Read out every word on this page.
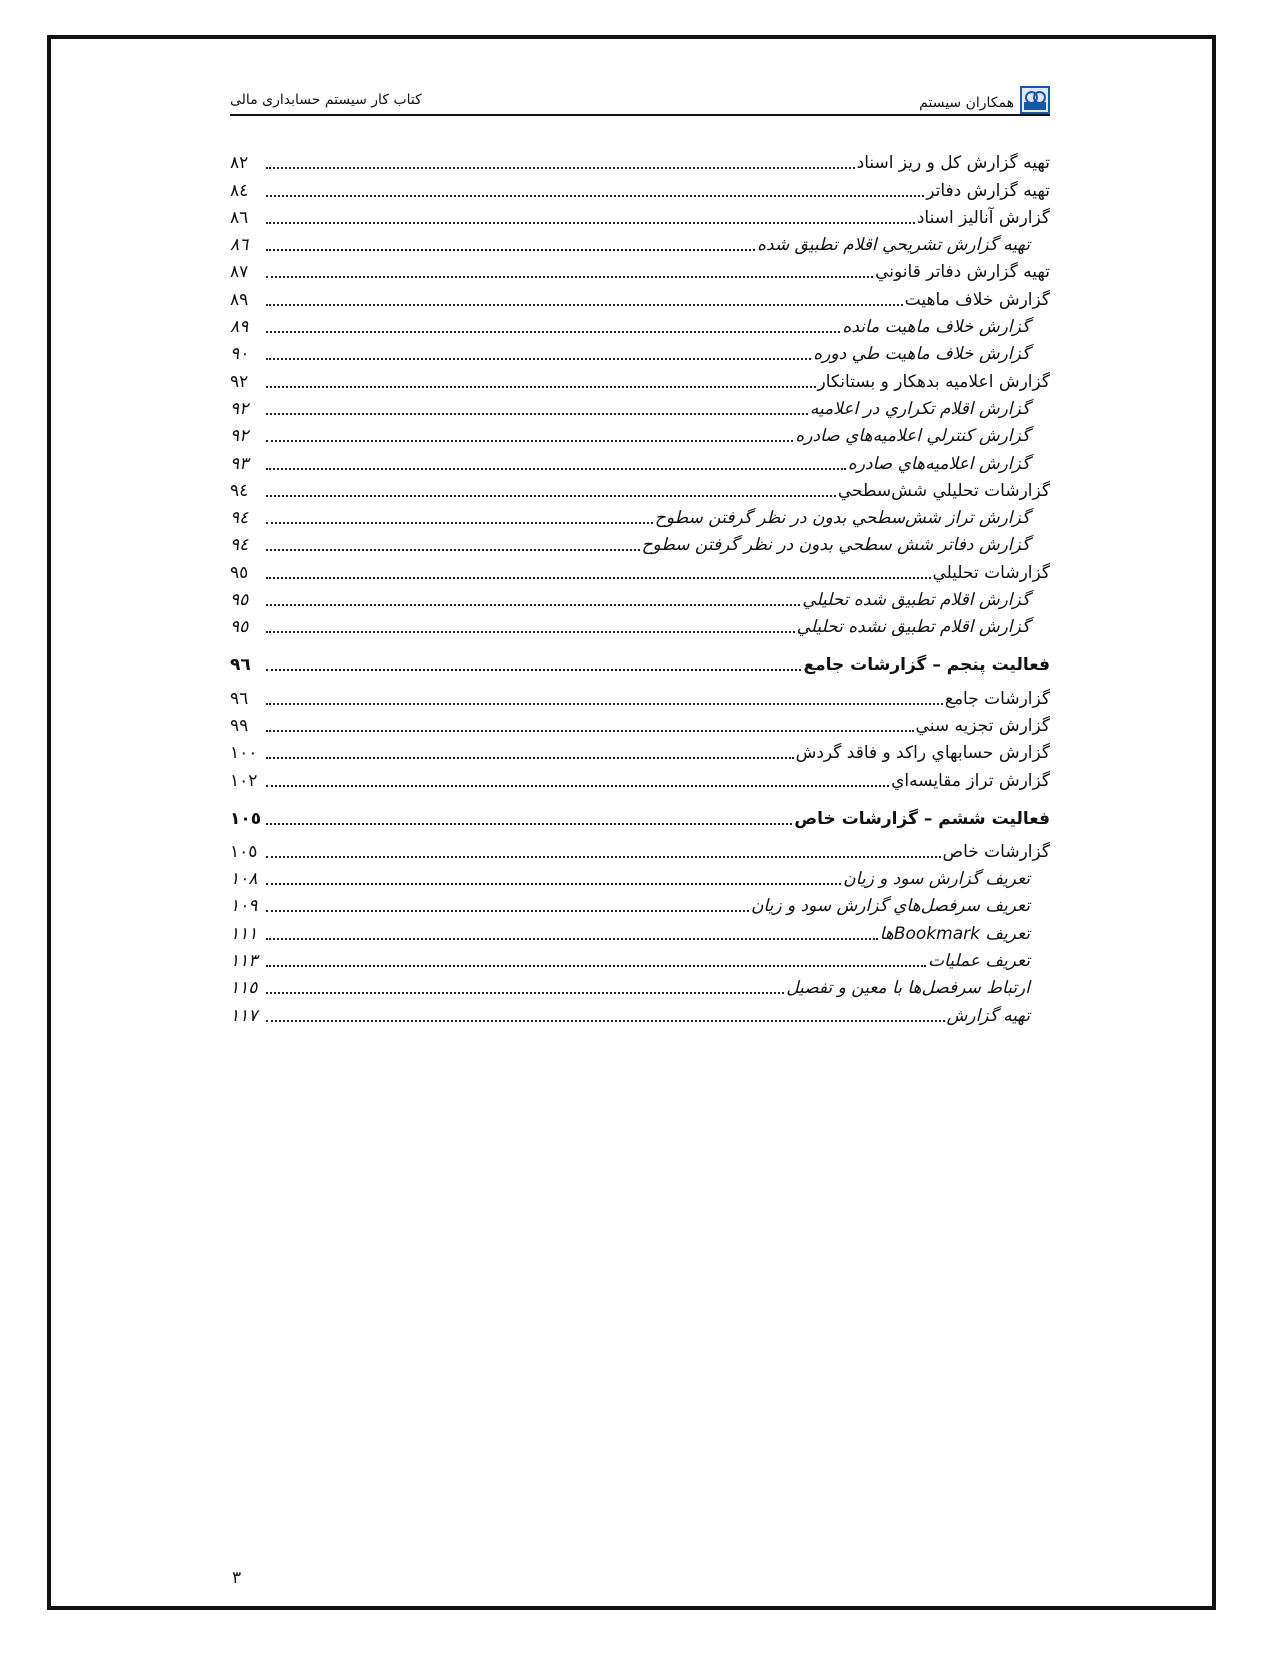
کتاب کار سیستم حسابداری مالی	همکاران سیستم
تهیه گزارش کل و ریز اسناد
۸۲
تهیه گزارش دفاتر
۸٤
گزارش آنالیز اسناد
۸٦
تهيه گزارش تشريحي اقلام تطبيق شده
۸٦
تهیه گزارش دفاتر قانوني
۸۷
گزارش خلاف ماهیت
۸۹
گزارش خلاف ماهيت مانده
۸۹
گزارش خلاف ماهيت طي دوره
۹۰
گزارش اعلامیه بدهکار و بستانکار
۹۲
گزارش اقلام تکراري در اعلاميه
۹۲
گزارش کنترلي اعلاميه‌هاي صادره
۹۲
گزارش اعلاميه‌هاي صادره
۹۳
گزارشات تحليلي شش‌سطحي
۹٤
گزارش تراز شش‌سطحي بدون در نظر گرفتن سطوح
۹٤
گزارش دفاتر شش سطحي بدون در نظر گرفتن سطوح
۹٤
گزارشات تحلیلي
۹٥
گزارش اقلام تطبيق شده تحليلي
۹٥
گزارش اقلام تطبيق نشده تحليلي
۹٥
فعالیت پنجم – گزارشات جامع
۹٦
گزارشات جامع
۹٦
گزارش تجزیه سني
۹۹
گزارش حسابهاي راکد و فاقد گردش
۱۰۰
گزارش تراز مقایسه‌اي
۱۰۲
فعالیت ششم – گزارشات خاص
۱۰٥
گزارشات خاص
۱۰٥
تعريف گزارش سود و زيان
۱۰۸
تعريف سرفصل‌هاي گزارش سود و زيان
۱۰۹
تعريف Bookmarkها
۱۱۱
تعريف عمليات
۱۱۳
ارتباط سرفصل‌ها با معين و تفصيل
۱۱٥
تهيه گزارش
۱۱۷
۳
